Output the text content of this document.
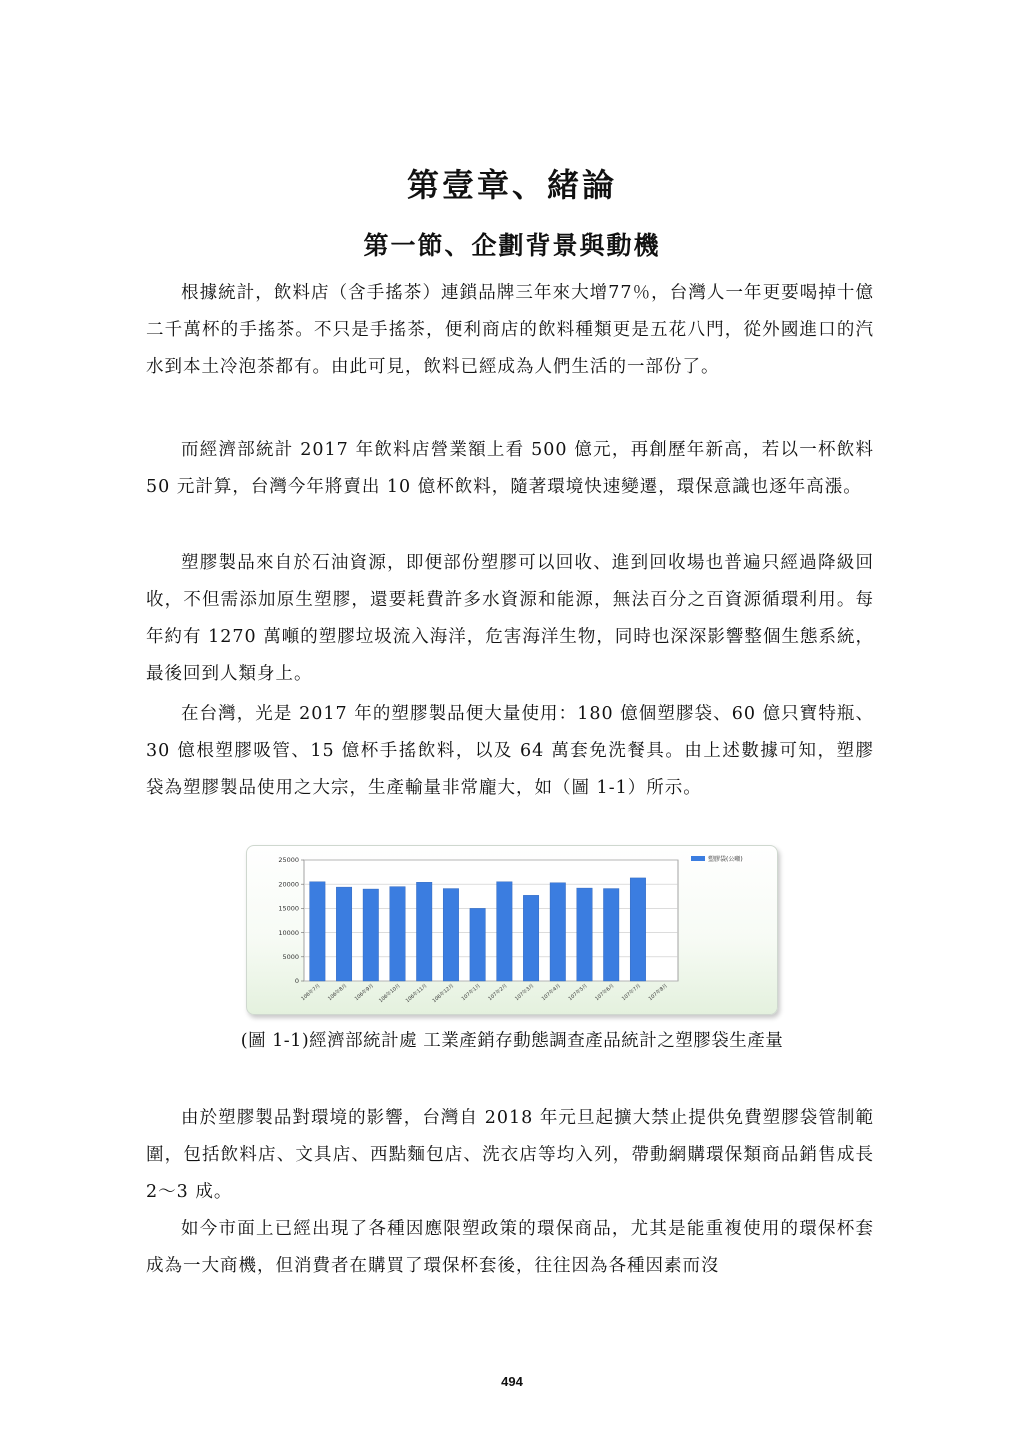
第壹章、緒論
第一節、企劃背景與動機

根據統計，飲料店（含手搖茶）連鎖品牌三年來大增77％，台灣人一年更要喝掉十億二千萬杯的手搖茶。不只是手搖茶，便利商店的飲料種類更是五花八門，從外國進口的汽水到本土冷泡茶都有。由此可見，飲料已經成為人們生活的一部份了。

而經濟部統計 2017 年飲料店營業額上看 500 億元，再創歷年新高，若以一杯飲料 50 元計算，台灣今年將賣出 10 億杯飲料，隨著環境快速變遷，環保意識也逐年高漲。

塑膠製品來自於石油資源，即便部份塑膠可以回收、進到回收場也普遍只經過降級回收，不但需添加原生塑膠，還要耗費許多水資源和能源，無法百分之百資源循環利用。每年約有 1270 萬噸的塑膠垃圾流入海洋，危害海洋生物，同時也深深影響整個生態系統，最後回到人類身上。

在台灣，光是 2017 年的塑膠製品便大量使用：180 億個塑膠袋、60 億只寶特瓶、30 億根塑膠吸管、15 億杯手搖飲料，以及 64 萬套免洗餐具。由上述數據可知，塑膠袋為塑膠製品使用之大宗，生產輸量非常龐大，如（圖 1-1）所示。

0
5000
10000
15000
20000
25000
106年7月 106年8月 106年9月 106年10月 106年11月 106年12月 107年1月 107年2月 107年3月 107年4月 107年5月 107年6月 107年7月 107年8月
塑膠袋(公噸)
(圖 1-1)經濟部統計處 工業產銷存動態調查產品統計之塑膠袋生產量

由於塑膠製品對環境的影響，台灣自 2018 年元旦起擴大禁止提供免費塑膠袋管制範圍，包括飲料店、文具店、西點麵包店、洗衣店等均入列，帶動網購環保類商品銷售成長 2～3 成。

如今市面上已經出現了各種因應限塑政策的環保商品，尤其是能重複使用的環保杯套成為一大商機，但消費者在購買了環保杯套後，往往因為各種因素而沒

494
